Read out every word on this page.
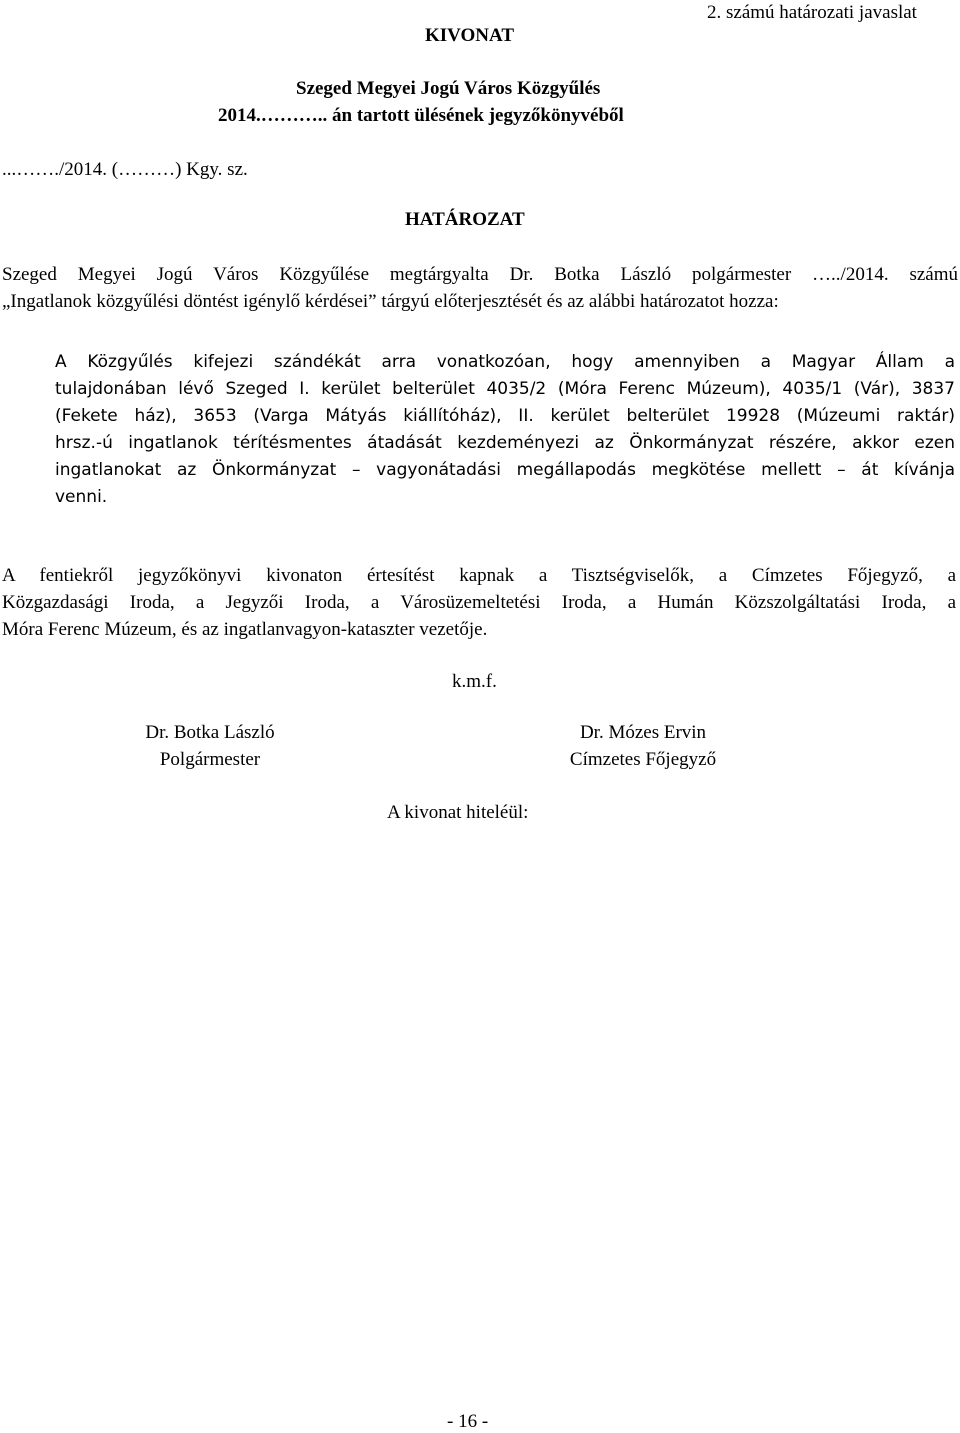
KIVONAT
2. számú határozati javaslat
Szeged Megyei Jogú Város Közgyűlés
2014.……….. án tartott ülésének jegyzőkönyvéből
...……./2014. (………) Kgy. sz.
HATÁROZAT
Szeged Megyei Jogú Város Közgyűlése megtárgyalta Dr. Botka László polgármester …../2014. számú
„Ingatlanok közgyűlési döntést igénylő kérdései” tárgyú előterjesztését és az alábbi határozatot hozza:
A Közgyűlés kifejezi szándékát arra vonatkozóan, hogy amennyiben a Magyar Állam a
tulajdonában lévő Szeged I. kerület belterület 4035/2 (Móra Ferenc Múzeum), 4035/1 (Vár), 3837
(Fekete ház), 3653 (Varga Mátyás kiállítóház), II. kerület belterület 19928 (Múzeumi raktár)
hrsz.-ú ingatlanok térítésmentes átadását kezdeményezi az Önkormányzat részére, akkor ezen
ingatlanokat az Önkormányzat – vagyonátadási megállapodás megkötése mellett – át kívánja
venni.
A fentiekről jegyzőkönyvi kivonaton értesítést kapnak a Tisztségviselők, a Címzetes Főjegyző, a
Közgazdasági Iroda, a Jegyzői Iroda, a Városüzemeltetési Iroda, a Humán Közszolgáltatási Iroda, a
Móra Ferenc Múzeum, és az ingatlanvagyon-kataszter vezetője.
k.m.f.
Dr. Botka László
Polgármester
Dr. Mózes Ervin
Címzetes Főjegyző
A kivonat hiteléül:
- 16 -
